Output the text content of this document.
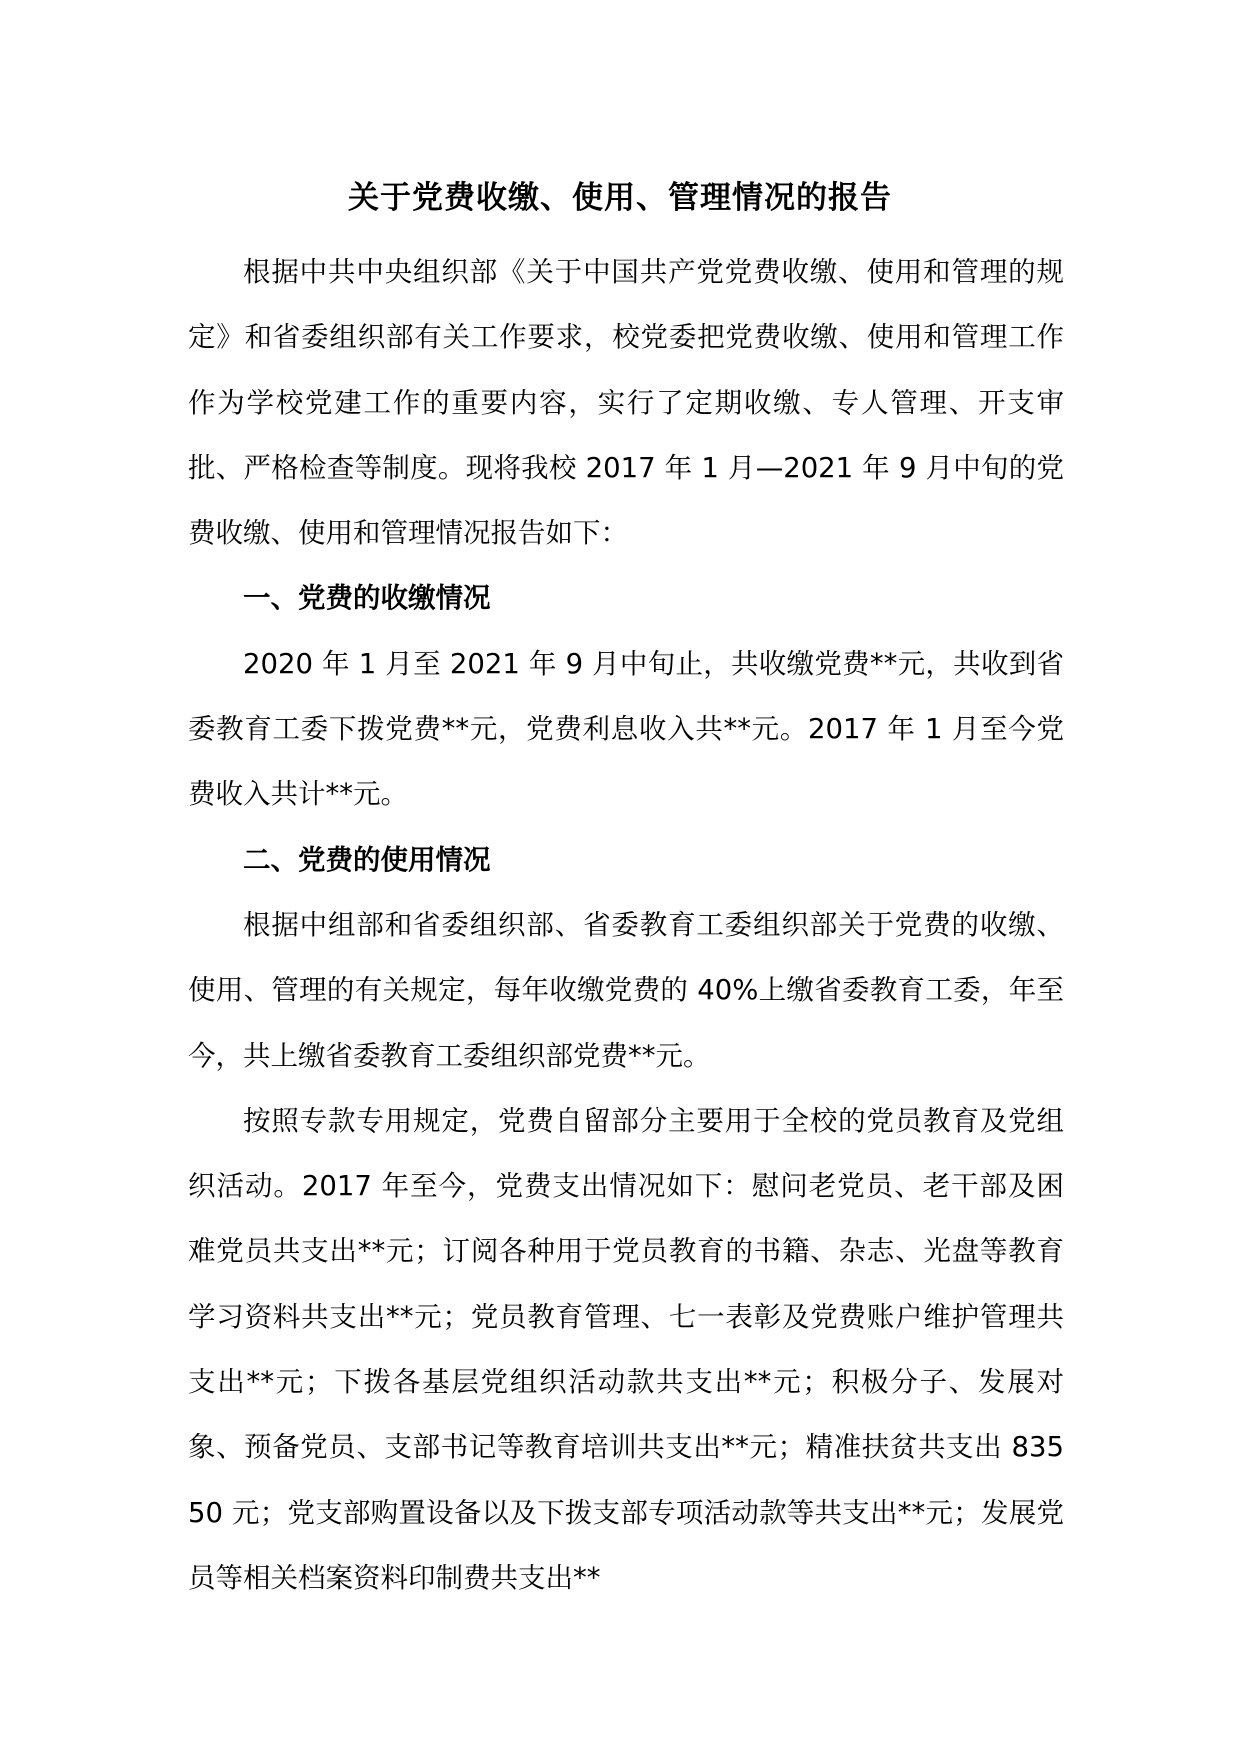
关于党费收缴、使用、管理情况的报告

根据中共中央组织部《关于中国共产党党费收缴、使用和管理的规定》和省委组织部有关工作要求，校党委把党费收缴、使用和管理工作作为学校党建工作的重要内容，实行了定期收缴、专人管理、开支审批、严格检查等制度。现将我校 2017 年 1 月—2021 年 9 月中旬的党费收缴、使用和管理情况报告如下：

一、党费的收缴情况

2020 年 1 月至 2021 年 9 月中旬止，共收缴党费**元，共收到省委教育工委下拨党费**元，党费利息收入共**元。2017 年 1 月至今党费收入共计**元。

二、党费的使用情况

根据中组部和省委组织部、省委教育工委组织部关于党费的收缴、使用、管理的有关规定，每年收缴党费的 40%上缴省委教育工委，年至今，共上缴省委教育工委组织部党费**元。

按照专款专用规定，党费自留部分主要用于全校的党员教育及党组织活动。2017 年至今，党费支出情况如下：慰问老党员、老干部及困难党员共支出**元；订阅各种用于党员教育的书籍、杂志、光盘等教育学习资料共支出**元；党员教育管理、七一表彰及党费账户维护管理共支出**元；下拨各基层党组织活动款共支出**元；积极分子、发展对象、预备党员、支部书记等教育培训共支出**元；精准扶贫共支出 83550 元；党支部购置设备以及下拨支部专项活动款等共支出**元；发展党员等相关档案资料印制费共支出**
